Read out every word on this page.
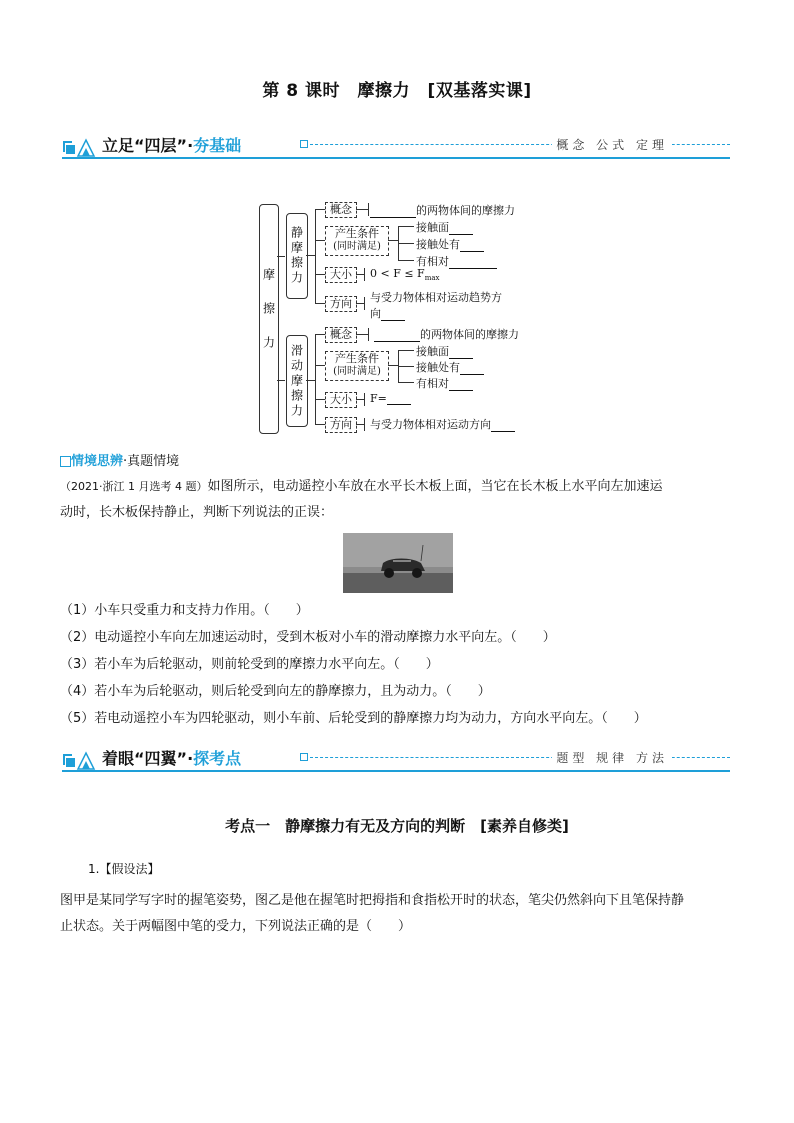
第 8 课时　摩擦力　[双基落实课]
立足“四层”·夯基础	概念 公式 定理
摩擦力
静摩擦力
滑动摩擦力
概念	的两物体间的摩擦力
产生条件
(同时满足)
接触面
接触处有
有相对
大小	$0 < F \le F_{max}$
方向	与受力物体相对运动趋势方
向
概念	的两物体间的摩擦力
产生条件
(同时满足)
接触面
接触处有
有相对
大小	F=
方向	与受力物体相对运动方向
情境思辨·真题情境
（2021·浙江 1 月选考 4 题）如图所示，电动遥控小车放在水平长木板上面，当它在长木板上水平向左加速运
动时，长木板保持静止，判断下列说法的正误：
（1）小车只受重力和支持力作用。（　　）
（2）电动遥控小车向左加速运动时，受到木板对小车的滑动摩擦力水平向左。（　　）
（3）若小车为后轮驱动，则前轮受到的摩擦力水平向左。（　　）
（4）若小车为后轮驱动，则后轮受到向左的静摩擦力，且为动力。（　　）
（5）若电动遥控小车为四轮驱动，则小车前、后轮受到的静摩擦力均为动力，方向水平向左。（　　）
着眼“四翼”·探考点	题型 规律 方法
考点一　静摩擦力有无及方向的判断　[素养自修类]
1.【假设法】
图甲是某同学写字时的握笔姿势，图乙是他在握笔时把拇指和食指松开时的状态，笔尖仍然斜向下且笔保持静
止状态。关于两幅图中笔的受力，下列说法正确的是（　　）
